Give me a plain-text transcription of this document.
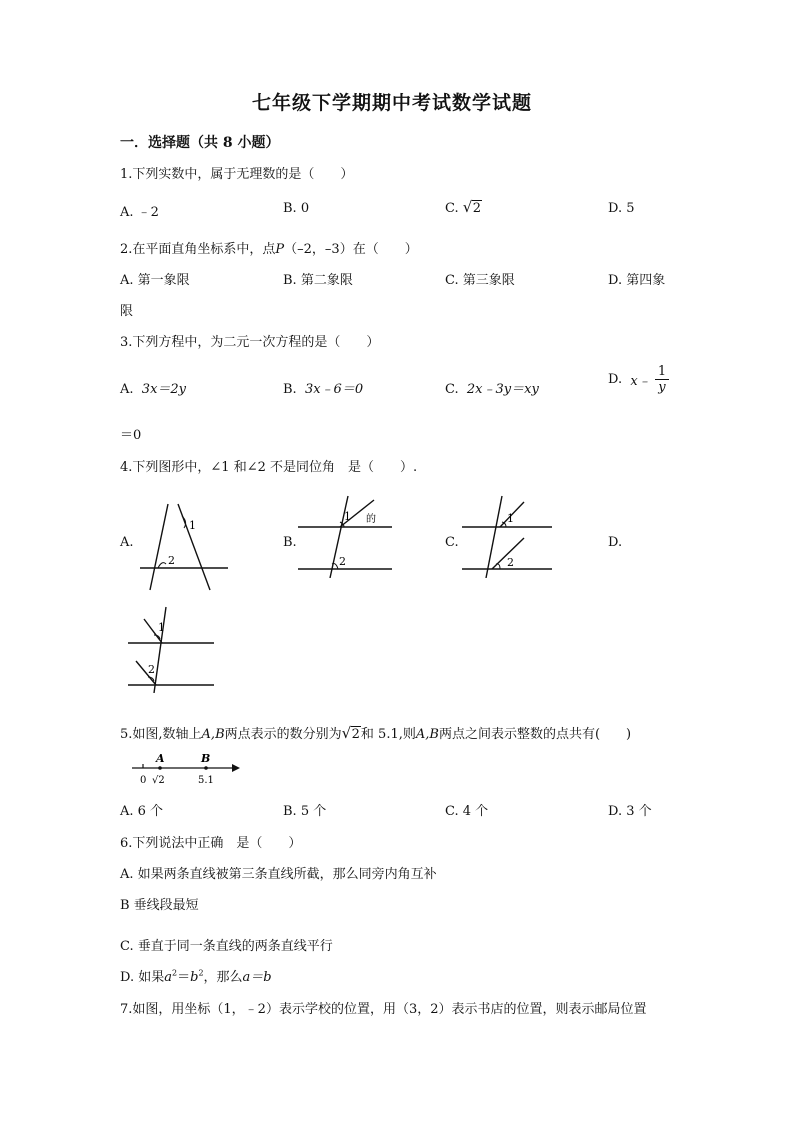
七年级下学期期中考试数学试题
一．选择题（共 8 小题）
1.下列实数中，属于无理数的是（　　）
A. ﹣2	B. 0	C. √ 2	D. 5
2.在平面直角坐标系中，点P（–2，–3）在（　　）
A. 第一象限	B. 第二象限	C. 第三象限	D. 第四象
限
3.下列方程中，为二元一次方程的是（　　）
A. 3x＝2y	B. 3x﹣6＝0	C. 2x﹣3y＝xy
D. x﹣ $\frac{1}{y}$
＝0
4.下列图形中，∠1 和∠2 不是同位角　是（　　）.
A.	B.	C.	D.
1
2
1 的
2
1
2
1
2
5.如图,数轴上A,B两点表示的数分别为 √ 2和 5.1,则A,B两点之间表示整数的点共有(　　)
A	B
0 √2	5.1
A. 6 个	B. 5 个	C. 4 个	D. 3 个
6.下列说法中正确　是（　　）
A. 如果两条直线被第三条直线所截，那么同旁内角互补
B 垂线段最短
C. 垂直于同一条直线的两条直线平行
D. 如果$a^2=b^2$，那么a＝b
7.如图，用坐标（1，﹣2）表示学校的位置，用（3，2）表示书店的位置，则表示邮局位置
